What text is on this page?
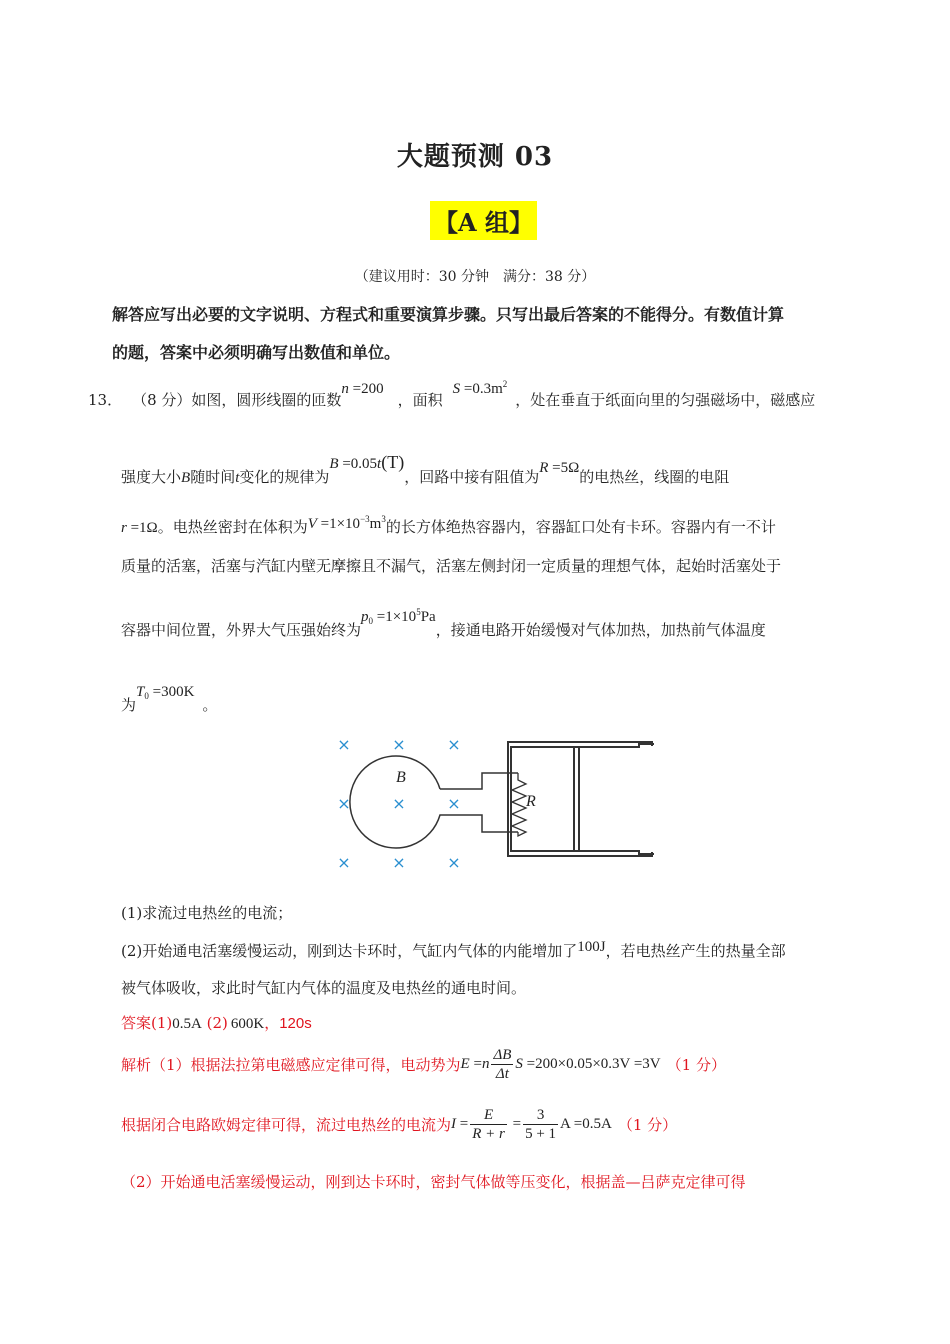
大题预测 03
【A 组】
（建议用时：30 分钟　满分：38 分）
解答应写出必要的文字说明、方程式和重要演算步骤。只写出最后答案的不能得分。有数值计算
的题，答案中必须明确写出数值和单位。
13． （8 分）如图，圆形线圈的匝数n =200，面积$S =0.3m^2$，处在垂直于纸面向里的匀强磁场中，磁感应
强度大小B随时间t变化的规律为B =0.05t(T)，回路中接有阻值为R =5Ω的电热丝，线圈的电阻
r =1Ω。电热丝密封在体积为$V =1\times 10^{-3}m^3$的长方体绝热容器内，容器缸口处有卡环。容器内有一不计
质量的活塞，活塞与汽缸内壁无摩擦且不漏气，活塞左侧封闭一定质量的理想气体，起始时活塞处于
容器中间位置，外界大气压强始终为$p_0 =1\times 10^5Pa$，接通电路开始缓慢对气体加热，加热前气体温度
为$T_0 =300K$。
×	×	×
×	×	×
×	×	×
B
R
(1)求流过电热丝的电流；
(2)开始通电活塞缓慢运动，刚到达卡环时，气缸内气体的内能增加了100J，若电热丝产生的热量全部
被气体吸收，求此时气缸内气体的温度及电热丝的通电时间。
答案(1)0.5A (2) 600K，120s
解析（1）根据法拉第电磁感应定律可得，电动势为$E =n \frac{\Delta B}{\Delta t}$ S =200×0.05×0.3V =3V （1 分）
根据闭合电路欧姆定律可得，流过电热丝的电流为$I = \frac{E}{R + r} = \frac{3}{5 + 1}$ A =0.5A （1 分）
（2）开始通电活塞缓慢运动，刚到达卡环时，密封气体做等压变化，根据盖—吕萨克定律可得
